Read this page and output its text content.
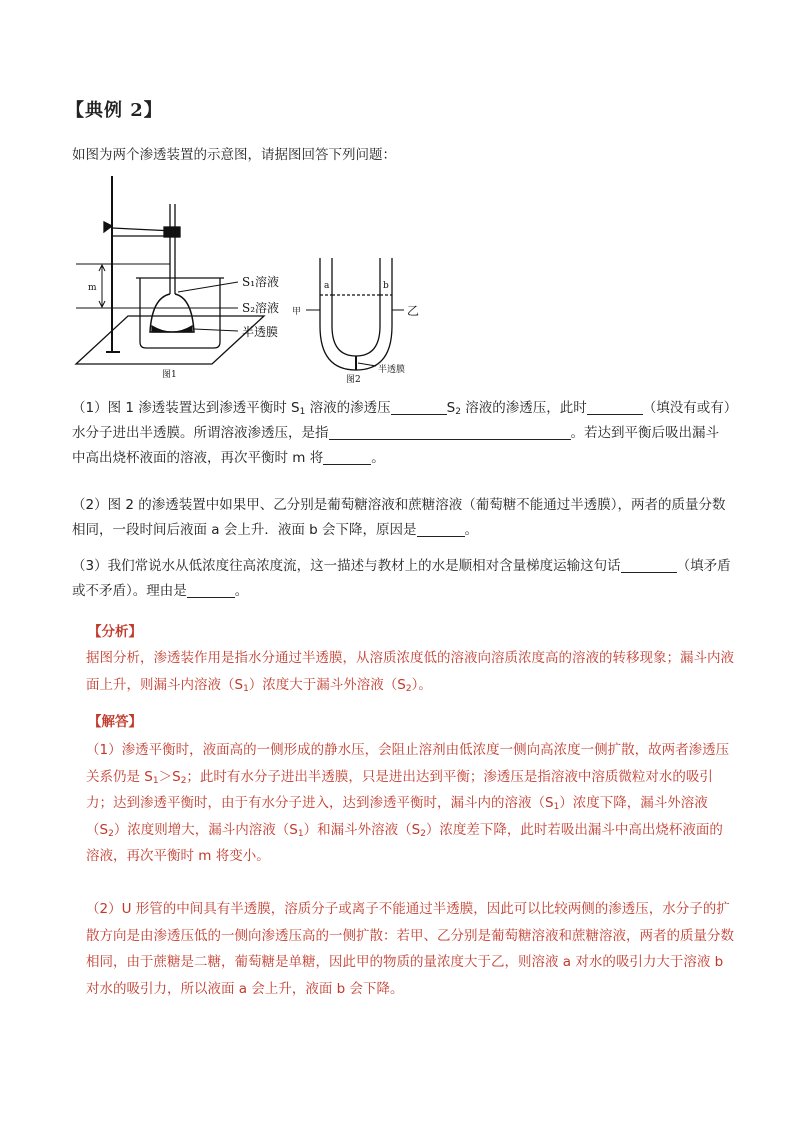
【典例 2】
如图为两个渗透装置的示意图，请据图回答下列问题：
S₁溶液
S₂溶液
半透膜
m
图1
a	b
甲	乙
半透膜
图2
（1）图 1 渗透装置达到渗透平衡时 $S_1$ 溶液的渗透压	$S_2$ 溶液的渗透压，此时	（填没有或有）水分子进出半透膜。所谓溶液渗透压，是指	。若达到平衡后吸出漏斗中高出烧杯液面的溶液，再次平衡时 m 将	。
（2）图 2 的渗透装置中如果甲、乙分别是葡萄糖溶液和蔗糖溶液（葡萄糖不能通过半透膜），两者的质量分数相同，一段时间后液面 a 会上升．液面 b 会下降，原因是	。
（3）我们常说水从低浓度往高浓度流，这一描述与教材上的水是顺相对含量梯度运输这句话	（填矛盾或不矛盾）。理由是	。
【分析】
据图分析，渗透装作用是指水分通过半透膜，从溶质浓度低的溶液向溶质浓度高的溶液的转移现象；漏斗内液面上升，则漏斗内溶液$(S_1)$浓度大于漏斗外溶液$(S_2)$。
【解答】
（1）渗透平衡时，液面高的一侧形成的静水压，会阻止溶剂由低浓度一侧向高浓度一侧扩散，故两者渗透压关系仍是 $S_1>S_2$；此时有水分子进出半透膜，只是进出达到平衡；渗透压是指溶液中溶质微粒对水的吸引力；达到渗透平衡时，由于有水分子进入，达到渗透平衡时，漏斗内的溶液$(S_1)$浓度下降，漏斗外溶液$(S_2)$浓度则增大，漏斗内溶液$(S_1)$和漏斗外溶液$(S_2)$浓度差下降，此时若吸出漏斗中高出烧杯液面的溶液，再次平衡时 m 将变小。
（2）U 形管的中间具有半透膜，溶质分子或离子不能通过半透膜，因此可以比较两侧的渗透压，水分子的扩散方向是由渗透压低的一侧向渗透压高的一侧扩散：若甲、乙分别是葡萄糖溶液和蔗糖溶液，两者的质量分数相同，由于蔗糖是二糖，葡萄糖是单糖，因此甲的物质的量浓度大于乙，则溶液 a 对水的吸引力大于溶液 b 对水的吸引力，所以液面 a 会上升，液面 b 会下降。
